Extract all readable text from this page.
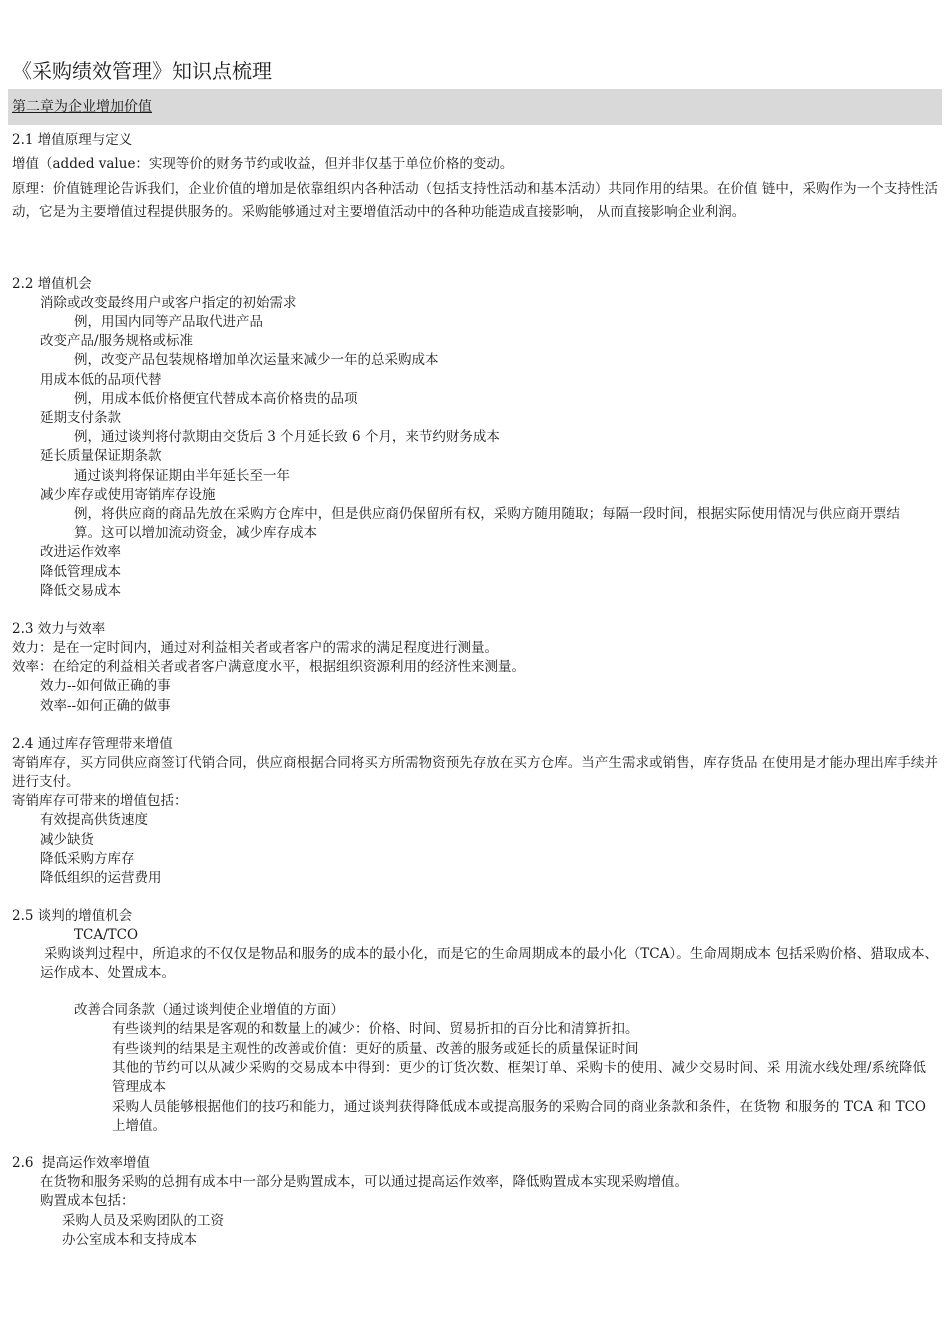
《采购绩效管理》知识点梳理
第二章为企业增加价值
2.1 增值原理与定义
增值（added value：实现等价的财务节约或收益，但并非仅基于单位价格的变动。
原理：价值链理论告诉我们，企业价值的增加是依靠组织内各种活动（包括支持性活动和基本活动）共同作用的结果。在价值 链中，采购作为一个支持性活动，它是为主要增值过程提供服务的。采购能够通过对主要增值活动中的各种功能造成直接影响， 从而直接影响企业利润。
2.2 增值机会
消除或改变最终用户或客户指定的初始需求
例，用国内同等产品取代进产品
改变产品/服务规格或标准
例，改变产品包装规格增加单次运量来减少一年的总采购成本
用成本低的品项代替
例，用成本低价格便宜代替成本高价格贵的品项
延期支付条款
例，通过谈判将付款期由交货后 3 个月延长致 6 个月，来节约财务成本
延长质量保证期条款
通过谈判将保证期由半年延长至一年
减少库存或使用寄销库存设施
例，将供应商的商品先放在采购方仓库中，但是供应商仍保留所有权，采购方随用随取；每隔一段时间，根据实际使用情况与供应商开票结算。这可以增加流动资金，减少库存成本
改进运作效率
降低管理成本
降低交易成本
2.3 效力与效率
效力：是在一定时间内，通过对利益相关者或者客户的需求的满足程度进行测量。
效率：在给定的利益相关者或者客户满意度水平，根据组织资源利用的经济性来测量。
效力--如何做正确的事
效率--如何正确的做事
2.4 通过库存管理带来增值
寄销库存，买方同供应商签订代销合同，供应商根据合同将买方所需物资预先存放在买方仓库。当产生需求或销售，库存货品 在使用是才能办理出库手续并进行支付。
寄销库存可带来的增值包括：
有效提高供货速度
减少缺货
降低采购方库存
降低组织的运营费用
2.5 谈判的增值机会
TCA/TCO
采购谈判过程中，所追求的不仅仅是物品和服务的成本的最小化，而是它的生命周期成本的最小化（TCA）。生命周期成本 包括采购价格、猎取成本、运作成本、处置成本。
改善合同条款（通过谈判使企业增值的方面）
有些谈判的结果是客观的和数量上的减少：价格、时间、贸易折扣的百分比和清算折扣。
有些谈判的结果是主观性的改善或价值：更好的质量、改善的服务或延长的质量保证时间
其他的节约可以从减少采购的交易成本中得到：更少的订货次数、框架订单、采购卡的使用、减少交易时间、采 用流水线处理/系统降低管理成本
采购人员能够根据他们的技巧和能力，通过谈判获得降低成本或提高服务的采购合同的商业条款和条件，在货物 和服务的 TCA 和 TCO 上增值。
2.6  提高运作效率增值
在货物和服务采购的总拥有成本中一部分是购置成本，可以通过提高运作效率，降低购置成本实现采购增值。
购置成本包括：
采购人员及采购团队的工资
办公室成本和支持成本
